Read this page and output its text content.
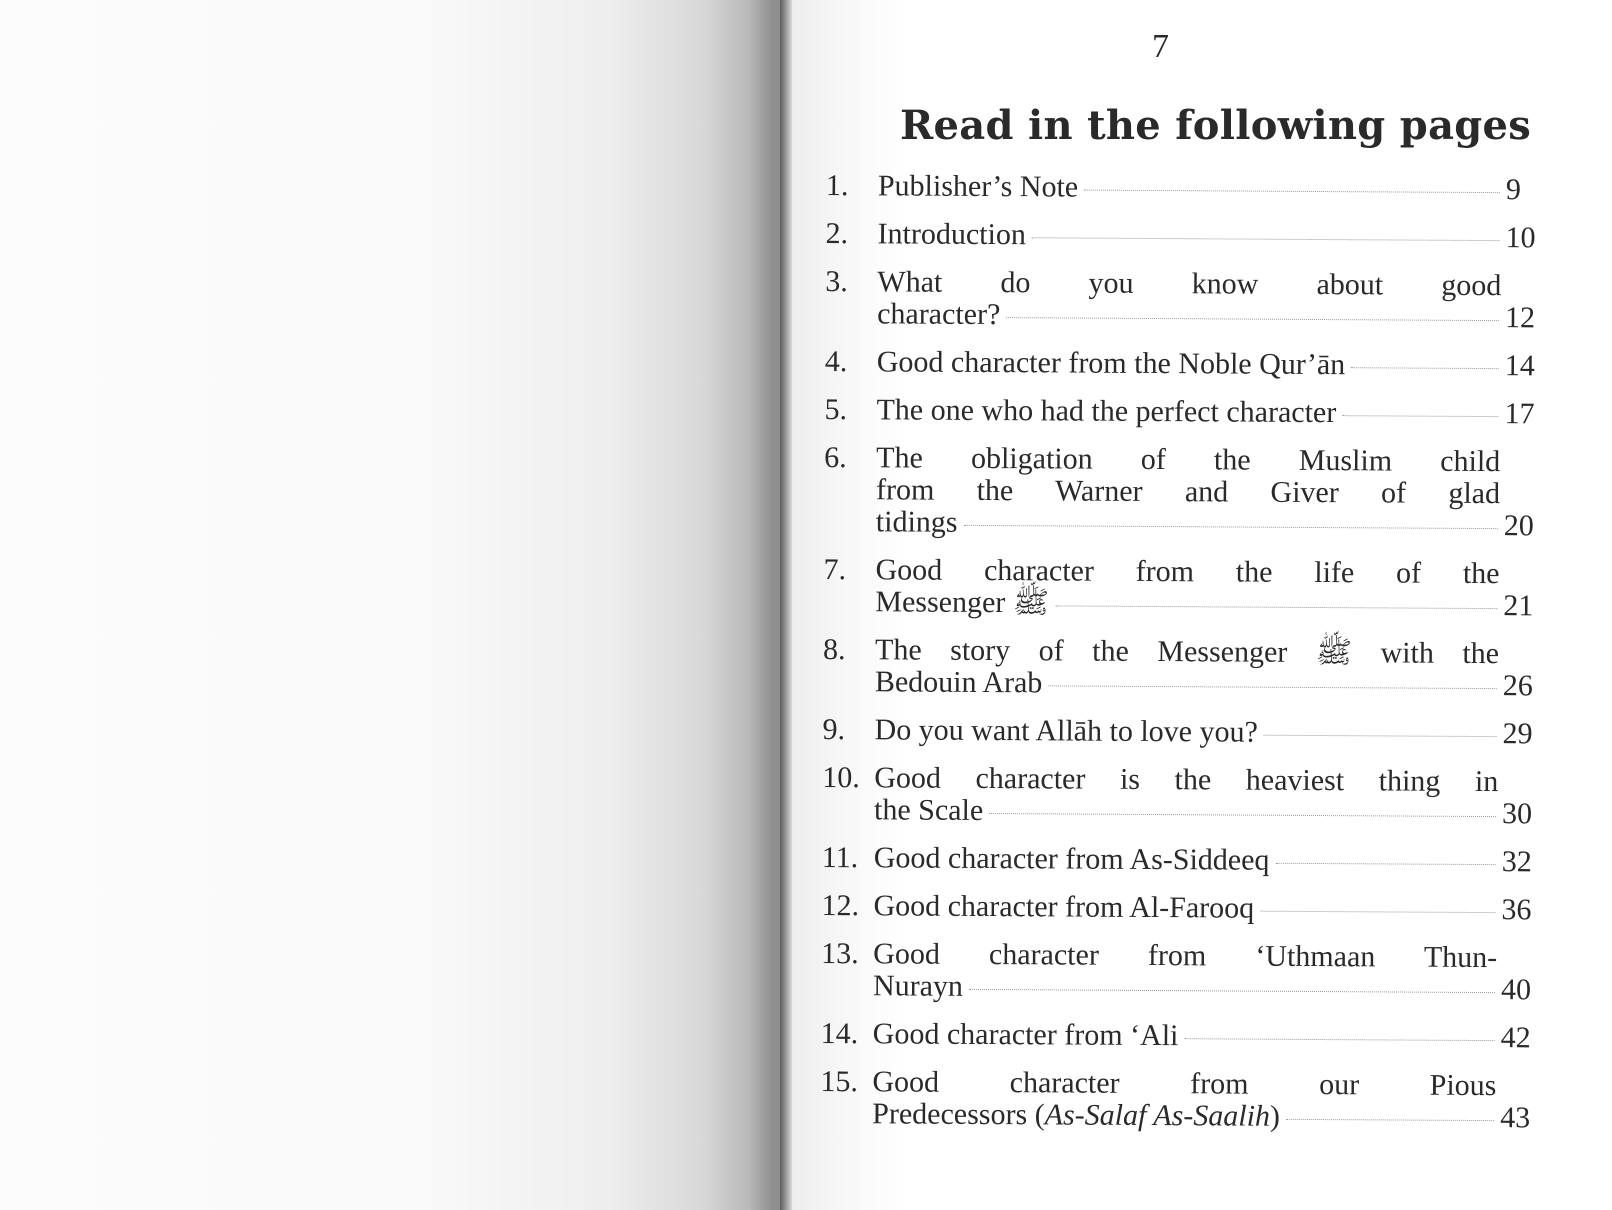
7
Read in the following pages
1. Publisher’s Note	9
2. Introduction	10
3. What do you know about good
character?	12
4. Good character from the Noble Qur’ān	14
5. The one who had the perfect character	17
6. The obligation of the Muslim child
from the Warner and Giver of glad
tidings	20
7. Good character from the life of the
Messenger ﷺ	21
8. The story of the Messenger ﷺ with the
Bedouin Arab	26
9. Do you want Allāh to love you?	29
10. Good character is the heaviest thing in
the Scale	30
11. Good character from As-Siddeeq	32
12. Good character from Al-Farooq	36
13. Good character from ‘Uthmaan Thun-
Nurayn	40
14. Good character from ‘Ali	42
15. Good character from our Pious
Predecessors (As-Salaf As-Saalih)	43
